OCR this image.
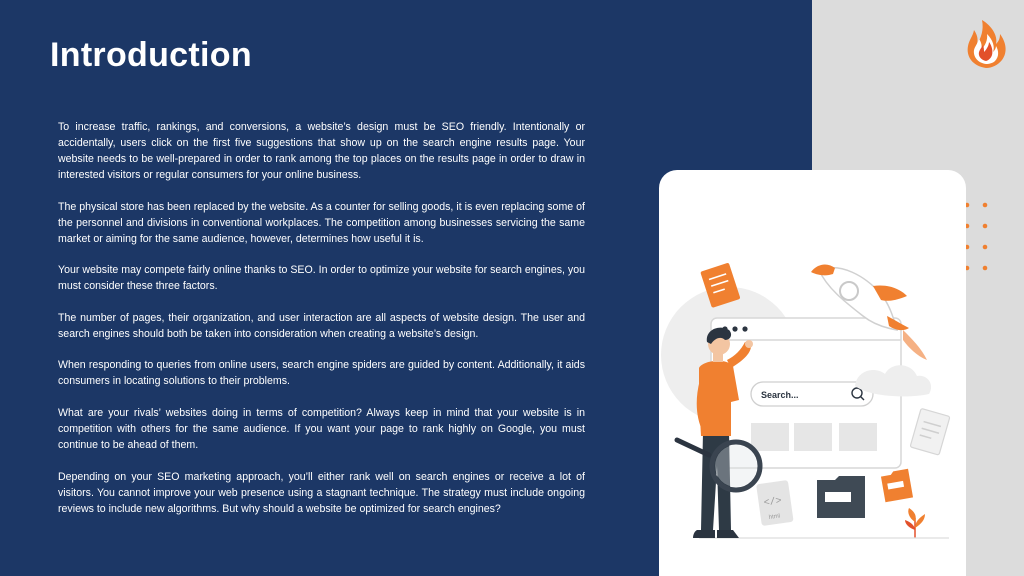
Introduction

To increase traffic, rankings, and conversions, a website’s design must be SEO friendly. Intentionally or accidentally, users click on the first five suggestions that show up on the search engine results page. Your website needs to be well-prepared in order to rank among the top places on the results page in order to draw in interested visitors or regular consumers for your online business.

The physical store has been replaced by the website. As a counter for selling goods, it is even replacing some of the personnel and divisions in conventional workplaces. The competition among businesses servicing the same market or aiming for the same audience, however, determines how useful it is.

Your website may compete fairly online thanks to SEO. In order to optimize your website for search engines, you must consider these three factors.

The number of pages, their organization, and user interaction are all aspects of website design. The user and search engines should both be taken into consideration when creating a website’s design.

When responding to queries from online users, search engine spiders are guided by content. Additionally, it aids consumers in locating solutions to their problems.

What are your rivals’ websites doing in terms of competition? Always keep in mind that your website is in competition with others for the same audience. If you want your page to rank highly on Google, you must continue to be ahead of them.

Depending on your SEO marketing approach, you’ll either rank well on search engines or receive a lot of visitors. You cannot improve your web presence using a stagnant technique. The strategy must include ongoing reviews to include new algorithms. But why should a website be optimized for search engines?

Search...
</>
html
